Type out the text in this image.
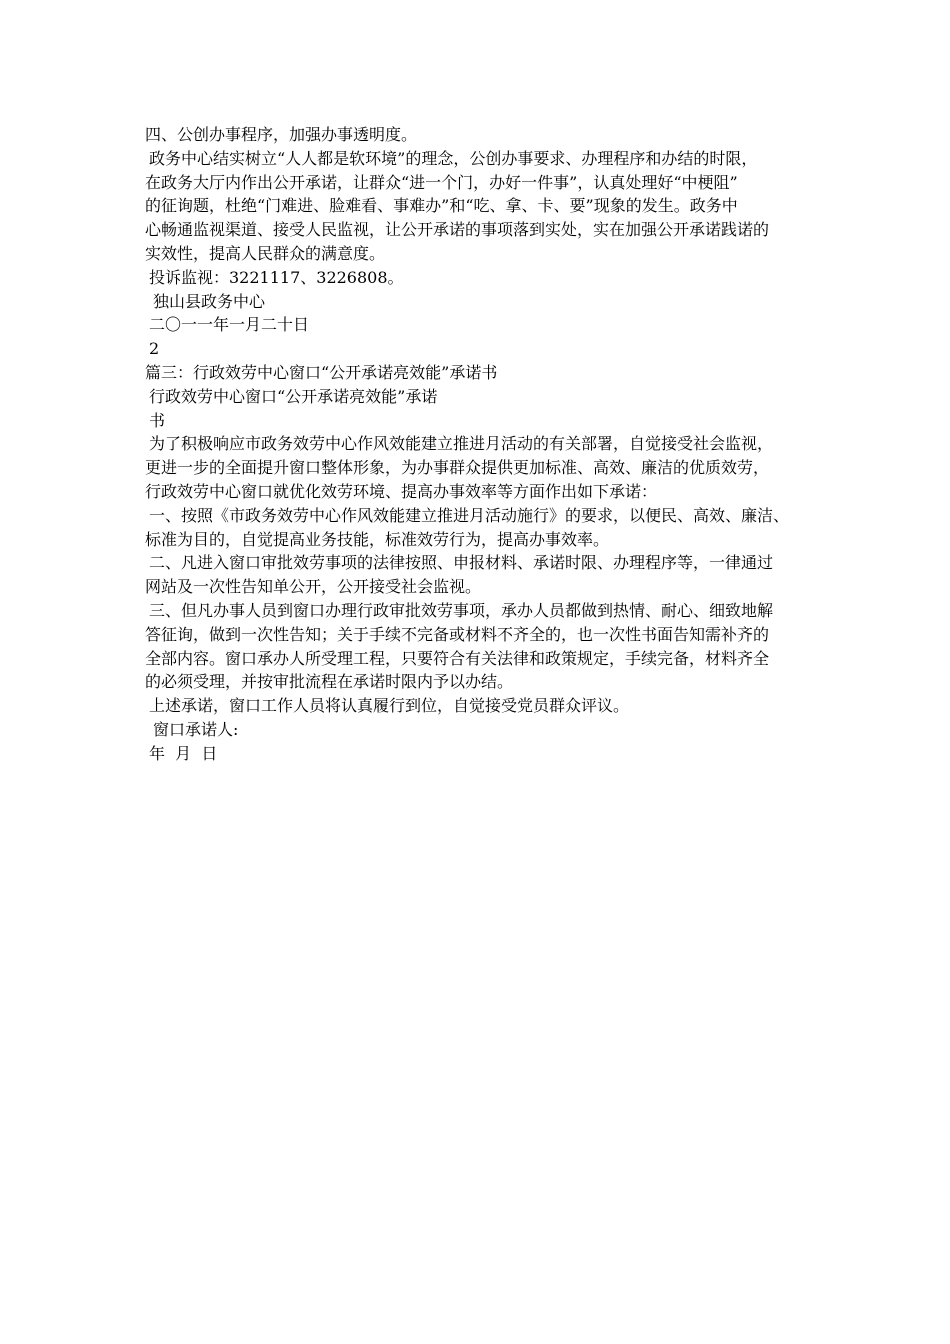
四、公创办事程序，加强办事透明度。
政务中心结实树立“人人都是软环境”的理念，公创办事要求、办理程序和办结的时限，
在政务大厅内作出公开承诺，让群众“进一个门，办好一件事”，认真处理好“中梗阻”
的征询题，杜绝“门难进、脸难看、事难办”和“吃、拿、卡、要”现象的发生。政务中
心畅通监视渠道、接受人民监视，让公开承诺的事项落到实处，实在加强公开承诺践诺的
实效性，提高人民群众的满意度。
投诉监视：3221117、3226808。
独山县政务中心
二〇一一年一月二十日
2
篇三：行政效劳中心窗口“公开承诺亮效能”承诺书
行政效劳中心窗口“公开承诺亮效能”承诺
书
为了积极响应市政务效劳中心作风效能建立推进月活动的有关部署，自觉接受社会监视，
更进一步的全面提升窗口整体形象，为办事群众提供更加标准、高效、廉洁的优质效劳，
行政效劳中心窗口就优化效劳环境、提高办事效率等方面作出如下承诺：
一、按照《市政务效劳中心作风效能建立推进月活动施行》的要求，以便民、高效、廉洁、
标准为目的，自觉提高业务技能，标准效劳行为，提高办事效率。
二、凡进入窗口审批效劳事项的法律按照、申报材料、承诺时限、办理程序等，一律通过
网站及一次性告知单公开，公开接受社会监视。
三、但凡办事人员到窗口办理行政审批效劳事项，承办人员都做到热情、耐心、细致地解
答征询，做到一次性告知；关于手续不完备或材料不齐全的，也一次性书面告知需补齐的
全部内容。窗口承办人所受理工程，只要符合有关法律和政策规定，手续完备，材料齐全
的必须受理，并按审批流程在承诺时限内予以办结。
上述承诺，窗口工作人员将认真履行到位，自觉接受党员群众评议。
窗口承诺人:
年  月  日
